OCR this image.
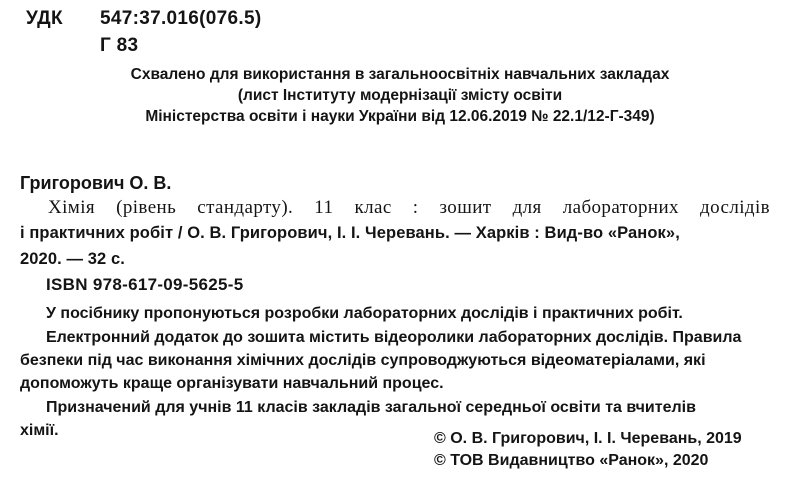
УДК 547:37.016(076.5)
Г 83
Схвалено для використання в загальноосвітніх навчальних закладах
(лист Інституту модернізації змісту освіти
Міністерства освіти і науки України від 12.06.2019 № 22.1/12-Г-349)
Григорович О. В.
Хімія (рівень стандарту). 11 клас : зошит для лабораторних дослідів
і практичних робіт / О. В. Григорович, І. І. Черевань. — Харків : Вид-во «Ранок»,
2020. — 32 с.
ISBN 978-617-09-5625-5
У посібнику пропонуються розробки лабораторних дослідів і практичних робіт.
Електронний додаток до зошита містить відеоролики лабораторних дослідів. Правила
безпеки під час виконання хімічних дослідів супроводжуються відеоматеріалами, які
допоможуть краще організувати навчальний процес.
Призначений для учнів 11 класів закладів загальної середньої освіти та вчителів
хімії.	© О. В. Григорович, І. І. Черевань, 2019
© ТОВ Видавництво «Ранок», 2020
